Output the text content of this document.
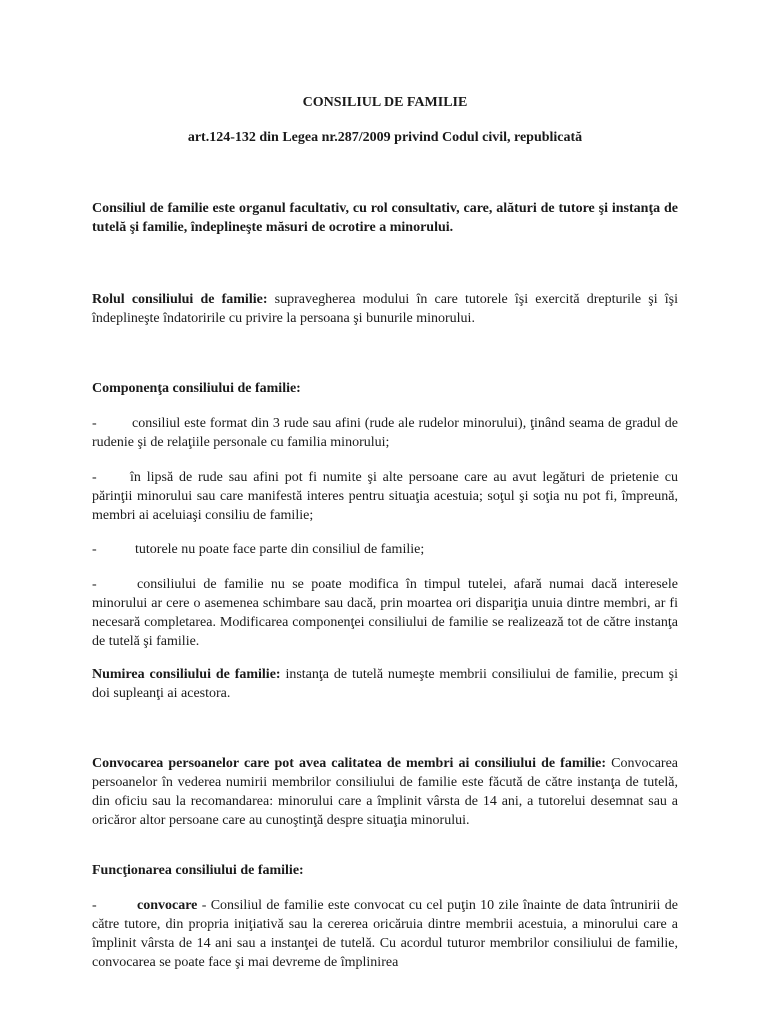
CONSILIUL DE FAMILIE
art.124-132 din Legea nr.287/2009 privind Codul civil, republicată

Consiliul de familie este organul facultativ, cu rol consultativ, care, alături de tutore şi instanţa de tutelă şi familie, îndeplineşte măsuri de ocrotire a minorului.

Rolul consiliului de familie: supravegherea modului în care tutorele îşi exercită drepturile şi îşi îndeplineşte îndatoririle cu privire la persoana şi bunurile minorului.

Componenţa consiliului de familie:

-	consiliul este format din 3 rude sau afini (rude ale rudelor minorului), ţinând seama de gradul de rudenie şi de relaţiile personale cu familia minorului;

- în lipsă de rude sau afini pot fi numite şi alte persoane care au avut legături de prietenie cu părinţii minorului sau care manifestă interes pentru situaţia acestuia; soţul şi soţia nu pot fi, împreună, membri ai aceluiaşi consiliu de familie;

-	tutorele nu poate face parte din consiliul de familie;

-	consiliului de familie nu se poate modifica în timpul tutelei, afară numai dacă interesele minorului ar cere o asemenea schimbare sau dacă, prin moartea ori dispariţia unuia dintre membri, ar fi necesară completarea. Modificarea componenţei consiliului de familie se realizează tot de către instanţa de tutelă şi familie.

Numirea consiliului de familie: instanţa de tutelă numeşte membrii consiliului de familie, precum şi doi supleanţi ai acestora.

Convocarea persoanelor care pot avea calitatea de membri ai consiliului de familie: Convocarea persoanelor în vederea numirii membrilor consiliului de familie este făcută de către instanţa de tutelă, din oficiu sau la recomandarea: minorului care a împlinit vârsta de 14 ani, a tutorelui desemnat sau a oricăror altor persoane care au cunoştinţă despre situaţia minorului.

Funcţionarea consiliului de familie:

-	convocare - Consiliul de familie este convocat cu cel puţin 10 zile înainte de data întrunirii de către tutore, din propria iniţiativă sau la cererea oricăruia dintre membrii acestuia, a minorului care a împlinit vârsta de 14 ani sau a instanţei de tutelă. Cu acordul tuturor membrilor consiliului de familie, convocarea se poate face şi mai devreme de împlinirea
